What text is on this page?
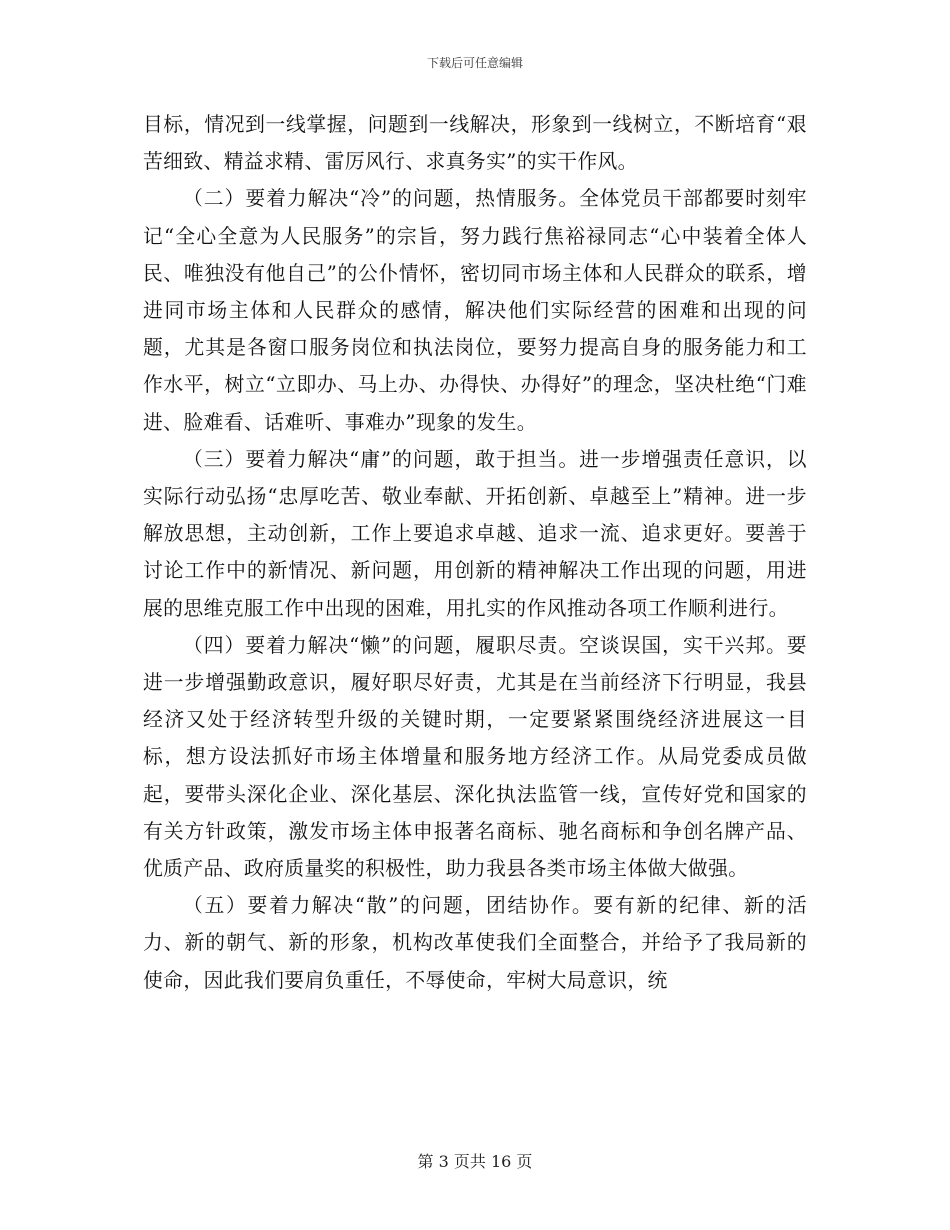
下载后可任意编辑

目标，情况到一线掌握，问题到一线解决，形象到一线树立，不断培育“艰苦细致、精益求精、雷厉风行、求真务实”的实干作风。

（二）要着力解决“冷”的问题，热情服务。全体党员干部都要时刻牢记“全心全意为人民服务”的宗旨，努力践行焦裕禄同志“心中装着全体人民、唯独没有他自己”的公仆情怀，密切同市场主体和人民群众的联系，增进同市场主体和人民群众的感情，解决他们实际经营的困难和出现的问题，尤其是各窗口服务岗位和执法岗位，要努力提高自身的服务能力和工作水平，树立“立即办、马上办、办得快、办得好”的理念，坚决杜绝“门难进、脸难看、话难听、事难办”现象的发生。

（三）要着力解决“庸”的问题，敢于担当。进一步增强责任意识，以实际行动弘扬“忠厚吃苦、敬业奉献、开拓创新、卓越至上”精神。进一步解放思想，主动创新，工作上要追求卓越、追求一流、追求更好。要善于讨论工作中的新情况、新问题，用创新的精神解决工作出现的问题，用进展的思维克服工作中出现的困难，用扎实的作风推动各项工作顺利进行。

（四）要着力解决“懒”的问题，履职尽责。空谈误国，实干兴邦。要进一步增强勤政意识，履好职尽好责，尤其是在当前经济下行明显，我县经济又处于经济转型升级的关键时期，一定要紧紧围绕经济进展这一目标，想方设法抓好市场主体增量和服务地方经济工作。从局党委成员做起，要带头深化企业、深化基层、深化执法监管一线，宣传好党和国家的有关方针政策，激发市场主体申报著名商标、驰名商标和争创名牌产品、优质产品、政府质量奖的积极性，助力我县各类市场主体做大做强。

（五）要着力解决“散”的问题，团结协作。要有新的纪律、新的活力、新的朝气、新的形象，机构改革使我们全面整合，并给予了我局新的使命，因此我们要肩负重任，不辱使命，牢树大局意识，统

第 3 页共 16 页
